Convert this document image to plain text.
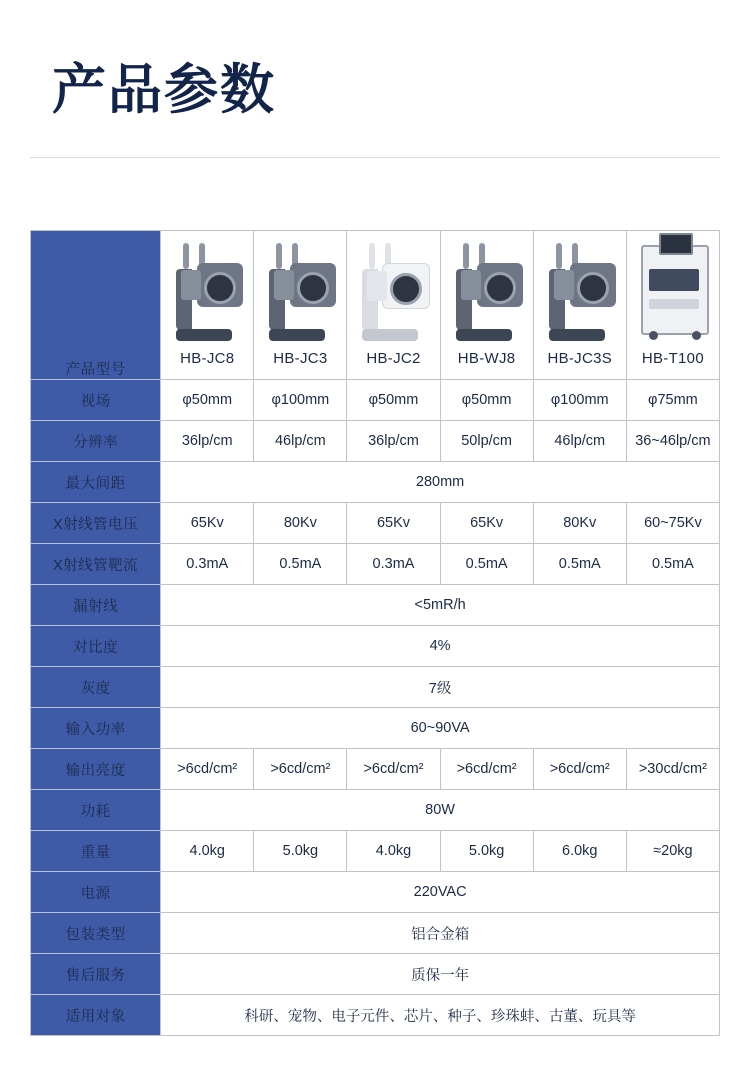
产品参数
产品型号	HB-JC8	HB-JC3	HB-JC2	HB-WJ8	HB-JC3S	HB-T100

视场	φ50mm	φ100mm	φ50mm	φ50mm	φ100mm	φ75mm
分辨率	36lp/cm	46lp/cm	36lp/cm	50lp/cm	46lp/cm	36~46lp/cm
最大间距	280mm					
X射线管电压	65Kv	80Kv	65Kv	65Kv	80Kv	60~75Kv
X射线管靶流	0.3mA	0.5mA	0.3mA	0.5mA	0.5mA	0.5mA
漏射线	<5mR/h					
对比度	4%					
灰度	7级					
输入功率	60~90VA					
输出亮度	>6cd/cm²	>6cd/cm²	>6cd/cm²	>6cd/cm²	>6cd/cm²	>30cd/cm²
功耗	80W					
重量	4.0kg	5.0kg	4.0kg	5.0kg	6.0kg	≈20kg
电源	220VAC					
包装类型	铝合金箱					
售后服务	质保一年					
适用对象	科研、宠物、电子元件、芯片、种子、珍珠蚌、古董、玩具等					
